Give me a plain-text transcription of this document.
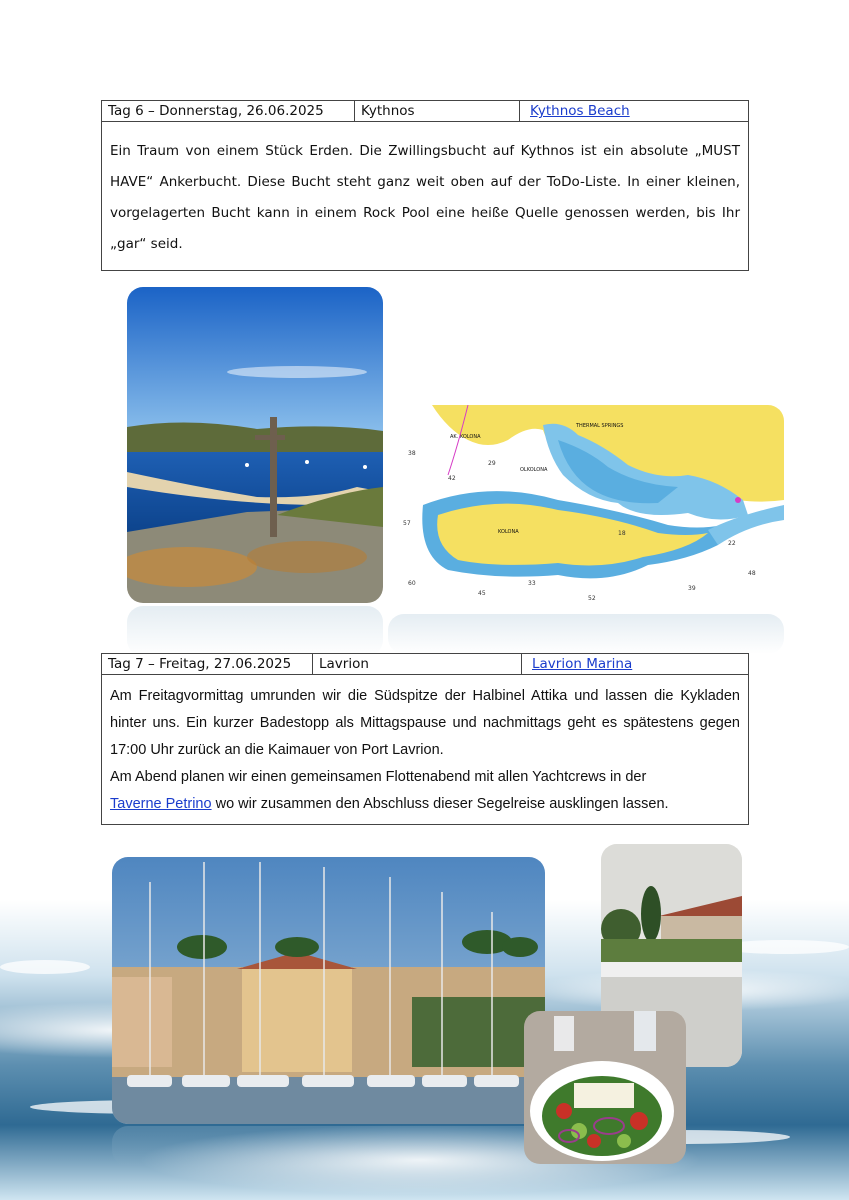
Tag 6 – Donnerstag, 26.06.2025	Kythnos	Kythnos Beach
Ein Traum von einem Stück Erden. Die Zwillingsbucht auf Kythnos ist ein absolute „MUST HAVE“ Ankerbucht. Diese Bucht steht ganz weit oben auf der ToDo-Liste. In einer kleinen, vorgelagerten Bucht kann in einem Rock Pool eine heiße Quelle genossen werden, bis Ihr „gar“ seid.
38
42
29
57
60
45
52
39
48
22
18
33
THERMAL SPRINGS
OLKOLONA
AK. KOLONA
KOLONA
Tag 7 – Freitag, 27.06.2025	Lavrion	Lavrion Marina

Am Freitagvormittag umrunden wir die Südspitze der Halbinel Attika und lassen die Kykladen hinter uns. Ein kurzer Badestopp als Mittagspause und nachmittags geht es spätestens gegen 17:00 Uhr zurück an die Kaimauer von Port Lavrion.
Am Abend planen wir einen gemeinsamen Flottenabend mit allen Yachtcrews in der
Taverne Petrino wo wir zusammen den Abschluss dieser Segelreise ausklingen lassen.
